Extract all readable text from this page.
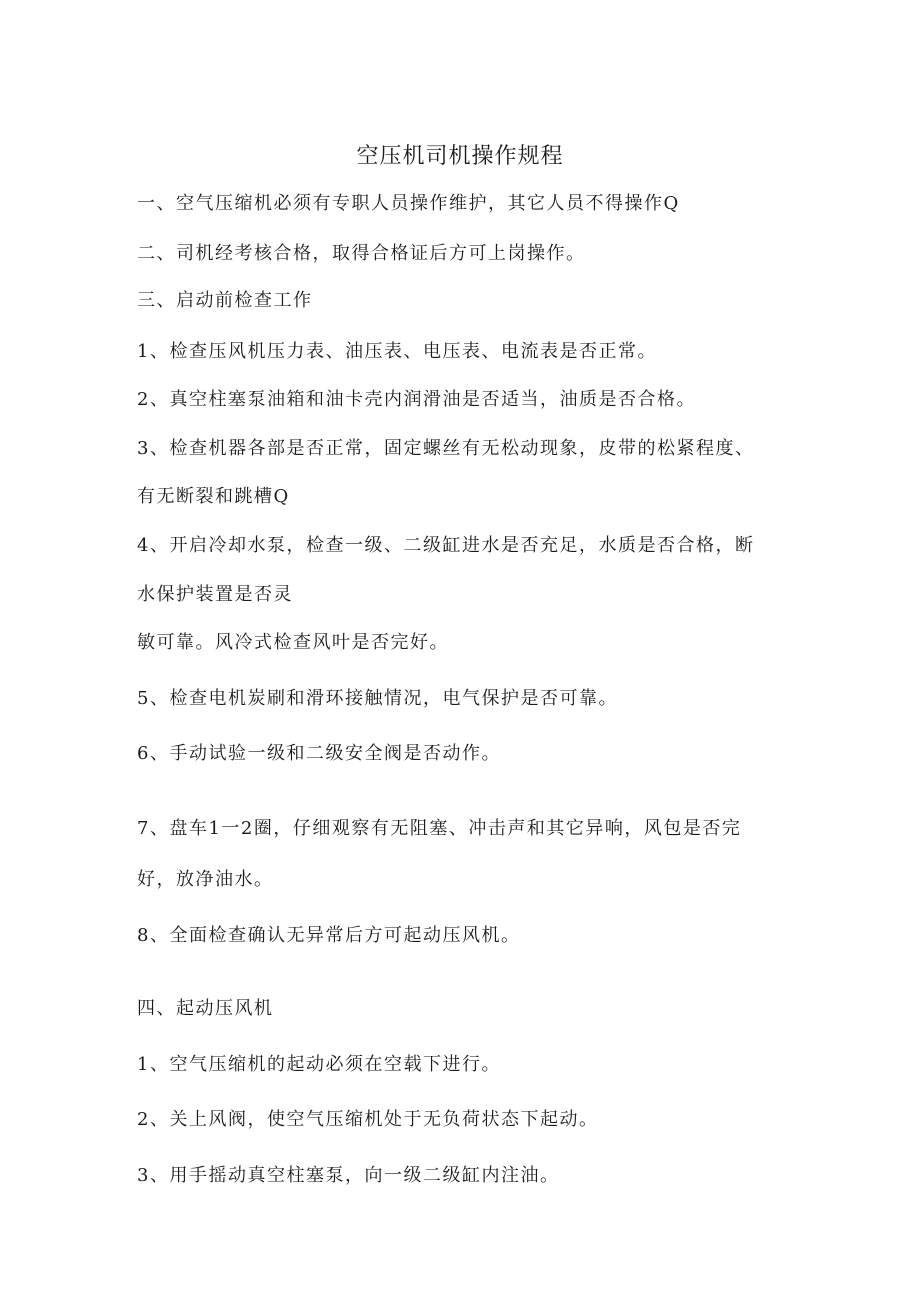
空压机司机操作规程

一、空气压缩机必须有专职人员操作维护，其它人员不得操作Q

二、司机经考核合格，取得合格证后方可上岗操作。

三、启动前检查工作

1、检查压风机压力表、油压表、电压表、电流表是否正常。

2、真空柱塞泵油箱和油卡壳内润滑油是否适当，油质是否合格。

3、检查机器各部是否正常，固定螺丝有无松动现象，皮带的松紧程度、

有无断裂和跳槽Q

4、开启冷却水泵，检查一级、二级缸进水是否充足，水质是否合格，断

水保护装置是否灵

敏可靠。风冷式检查风叶是否完好。

5、检查电机炭刷和滑环接触情况，电气保护是否可靠。

6、手动试验一级和二级安全阀是否动作。

7、盘车1一2圈，仔细观察有无阻塞、冲击声和其它异响，风包是否完

好，放净油水。

8、全面检查确认无异常后方可起动压风机。

四、起动压风机

1、空气压缩机的起动必须在空载下进行。

2、关上风阀，使空气压缩机处于无负荷状态下起动。

3、用手摇动真空柱塞泵，向一级二级缸内注油。
